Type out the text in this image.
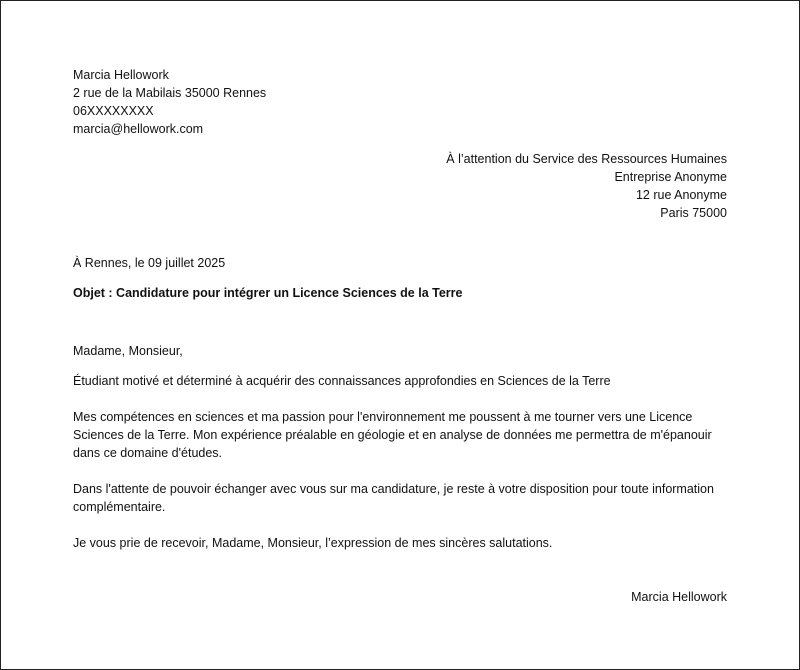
Marcia Hellowork
2 rue de la Mabilais 35000 Rennes
06XXXXXXXX
marcia@hellowork.com
À l’attention du Service des Ressources Humaines
Entreprise Anonyme
12 rue Anonyme
Paris 75000
À Rennes, le 09 juillet 2025
Objet : Candidature pour intégrer un Licence Sciences de la Terre
Madame, Monsieur,

Étudiant motivé et déterminé à acquérir des connaissances approfondies en Sciences de la Terre

Mes compétences en sciences et ma passion pour l'environnement me poussent à me tourner vers une Licence Sciences de la Terre. Mon expérience préalable en géologie et en analyse de données me permettra de m'épanouir dans ce domaine d'études.

Dans l'attente de pouvoir échanger avec vous sur ma candidature, je reste à votre disposition pour toute information complémentaire.

Je vous prie de recevoir, Madame, Monsieur, l’expression de mes sincères salutations.

Marcia Hellowork
